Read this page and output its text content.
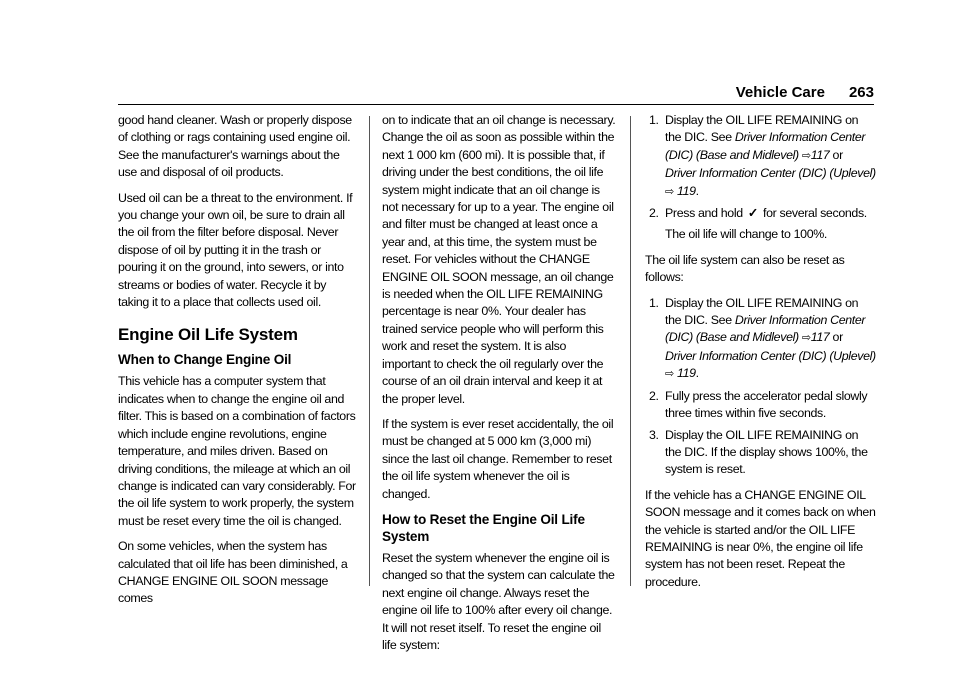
Vehicle Care 263

good hand cleaner. Wash or properly dispose of clothing or rags containing used engine oil. See the manufacturer's warnings about the use and disposal of oil products.

Used oil can be a threat to the environment. If you change your own oil, be sure to drain all the oil from the filter before disposal. Never dispose of oil by putting it in the trash or pouring it on the ground, into sewers, or into streams or bodies of water. Recycle it by taking it to a place that collects used oil.

Engine Oil Life System
When to Change Engine Oil

This vehicle has a computer system that indicates when to change the engine oil and filter. This is based on a combination of factors which include engine revolutions, engine temperature, and miles driven. Based on driving conditions, the mileage at which an oil change is indicated can vary considerably. For the oil life system to work properly, the system must be reset every time the oil is changed.

On some vehicles, when the system has calculated that oil life has been diminished, a CHANGE ENGINE OIL SOON message comes

on to indicate that an oil change is necessary. Change the oil as soon as possible within the next 1 000 km (600 mi). It is possible that, if driving under the best conditions, the oil life system might indicate that an oil change is not necessary for up to a year. The engine oil and filter must be changed at least once a year and, at this time, the system must be reset. For vehicles without the CHANGE ENGINE OIL SOON message, an oil change is needed when the OIL LIFE REMAINING percentage is near 0%. Your dealer has trained service people who will perform this work and reset the system. It is also important to check the oil regularly over the course of an oil drain interval and keep it at the proper level.

If the system is ever reset accidentally, the oil must be changed at 5 000 km (3,000 mi) since the last oil change. Remember to reset the oil life system whenever the oil is changed.

How to Reset the Engine Oil Life System

Reset the system whenever the engine oil is changed so that the system can calculate the next engine oil change. Always reset the engine oil life to 100% after every oil change. It will not reset itself. To reset the engine oil life system:

1. Display the OIL LIFE REMAINING on the DIC. See Driver Information Center (DIC) (Base and Midlevel) ⇨117 or
Driver Information Center (DIC) (Uplevel)
⇨ 119.
2. Press and hold ✓ for several seconds.
The oil life will change to 100%.

The oil life system can also be reset as follows:

1. Display the OIL LIFE REMAINING on the DIC. See Driver Information Center (DIC) (Base and Midlevel) ⇨117 or
Driver Information Center (DIC) (Uplevel)
⇨ 119.
2. Fully press the accelerator pedal slowly three times within five seconds.
3. Display the OIL LIFE REMAINING on the DIC. If the display shows 100%, the system is reset.

If the vehicle has a CHANGE ENGINE OIL SOON message and it comes back on when the vehicle is started and/or the OIL LIFE REMAINING is near 0%, the engine oil life system has not been reset. Repeat the procedure.
